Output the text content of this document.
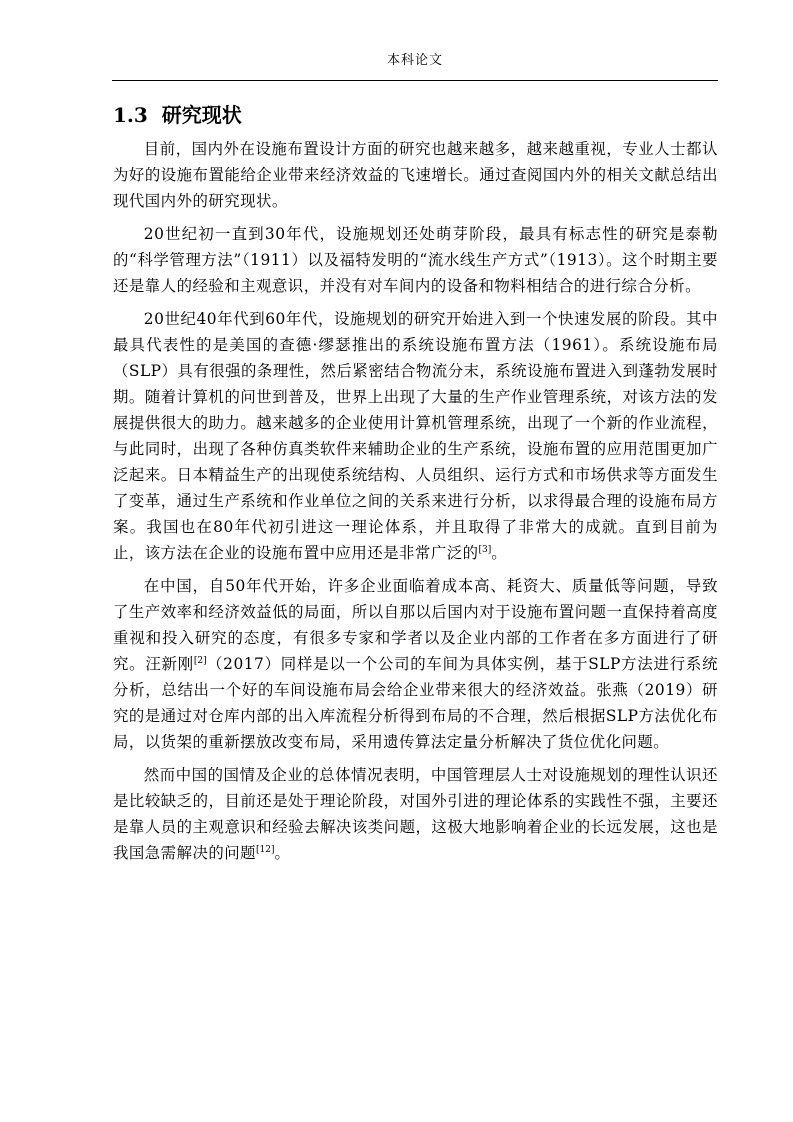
本科论文
1.3 研究现状

目前，国内外在设施布置设计方面的研究也越来越多，越来越重视，专业人士都认为好的设施布置能给企业带来经济效益的飞速增长。通过查阅国内外的相关文献总结出现代国内外的研究现状。

20世纪初一直到30年代，设施规划还处萌芽阶段，最具有标志性的研究是泰勒的“科学管理方法”（1911）以及福特发明的“流水线生产方式”（1913）。这个时期主要还是靠人的经验和主观意识，并没有对车间内的设备和物料相结合的进行综合分析。

20世纪40年代到60年代，设施规划的研究开始进入到一个快速发展的阶段。其中最具代表性的是美国的查德·缪瑟推出的系统设施布置方法（1961）。系统设施布局（SLP）具有很强的条理性，然后紧密结合物流分末，系统设施布置进入到蓬勃发展时期。随着计算机的问世到普及，世界上出现了大量的生产作业管理系统，对该方法的发展提供很大的助力。越来越多的企业使用计算机管理系统，出现了一个新的作业流程，与此同时，出现了各种仿真类软件来辅助企业的生产系统，设施布置的应用范围更加广泛起来。日本精益生产的出现使系统结构、人员组织、运行方式和市场供求等方面发生了变革，通过生产系统和作业单位之间的关系来进行分析，以求得最合理的设施布局方案。我国也在80年代初引进这一理论体系，并且取得了非常大的成就。直到目前为止，该方法在企业的设施布置中应用还是非常广泛的[3]。

在中国，自50年代开始，许多企业面临着成本高、耗资大、质量低等问题，导致了生产效率和经济效益低的局面，所以自那以后国内对于设施布置问题一直保持着高度重视和投入研究的态度，有很多专家和学者以及企业内部的工作者在多方面进行了研究。汪新刚[2]（2017）同样是以一个公司的车间为具体实例，基于SLP方法进行系统分析，总结出一个好的车间设施布局会给企业带来很大的经济效益。张燕（2019）研究的是通过对仓库内部的出入库流程分析得到布局的不合理，然后根据SLP方法优化布局，以货架的重新摆放改变布局，采用遗传算法定量分析解决了货位优化问题。

然而中国的国情及企业的总体情况表明，中国管理层人士对设施规划的理性认识还是比较缺乏的，目前还是处于理论阶段，对国外引进的理论体系的实践性不强，主要还是靠人员的主观意识和经验去解决该类问题，这极大地影响着企业的长远发展，这也是我国急需解决的问题[12]。
